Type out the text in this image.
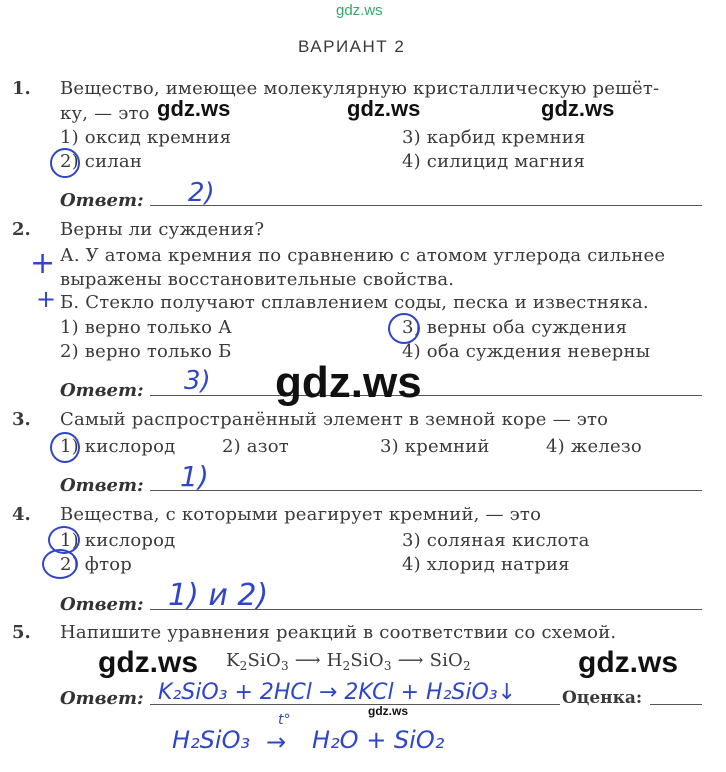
gdz.ws
ВАРИАНТ 2
1. Вещество, имеющее молекулярную кристаллическую решёт-
ку, — это gdz.ws	gdz.ws	gdz.ws
1) оксид кремния	3) карбид кремния
2) силан	4) силицид магния
Ответ: 2)
2. Верны ли суждения?
+ А. У атома кремния по сравнению с атомом углерода сильнее
выражены восстановительные свойства.
+ Б. Стекло получают сплавлением соды, песка и известняка.
1) верно только А	3) верны оба суждения
2) верно только Б	4) оба суждения неверны
Ответ: 3) gdz.ws
3. Самый распространённый элемент в земной коре — это
1) кислород	2) азот	3) кремний	4) железо
Ответ: 1)
4. Вещества, с которыми реагирует кремний, — это
1) кислород	3) соляная кислота
2) фтор	4) хлорид натрия
Ответ: 1) и 2)
5. Напишите уравнения реакций в соответствии со схемой.
$K_2SiO_3$ ⟶ $H_2SiO_3$ ⟶ SiO$_2$
gdz.ws	gdz.ws
Ответ: K₂SiO₃ + 2HCl → 2KCl + H₂SiO₃↓	Оценка:
gdz.ws
H₂SiO₃
t°
→ H₂O + SiO₂
